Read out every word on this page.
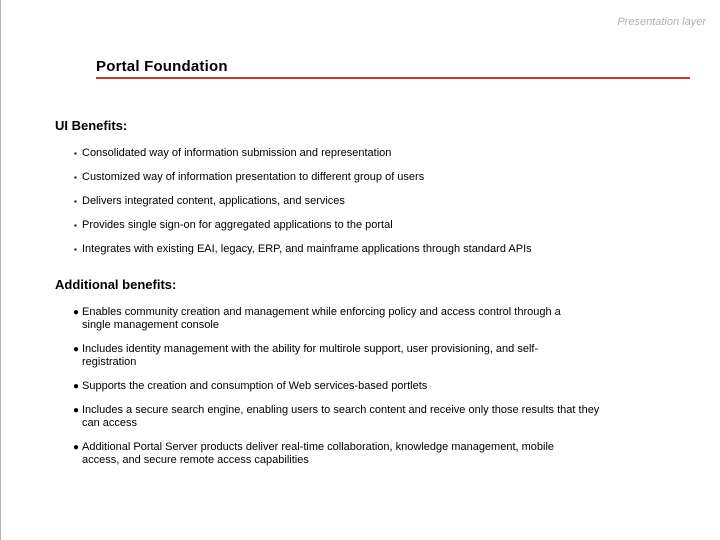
Presentation layer
Portal Foundation
UI Benefits:
▪ Consolidated way of information submission and representation
▪ Customized way of information presentation to different group of users
▪ Delivers integrated content, applications, and services
▪ Provides single sign-on for aggregated applications to the portal
▪ Integrates with existing EAI, legacy, ERP, and mainframe applications through standard APIs
Additional benefits:
● Enables community creation and management while enforcing policy and access control through a single management console
● Includes identity management with the ability for multirole support, user provisioning, and self-registration
● Supports the creation and consumption of Web services-based portlets
● Includes a secure search engine, enabling users to search content and receive only those results that they can access
● Additional Portal Server products deliver real-time collaboration, knowledge management, mobile access, and secure remote access capabilities
